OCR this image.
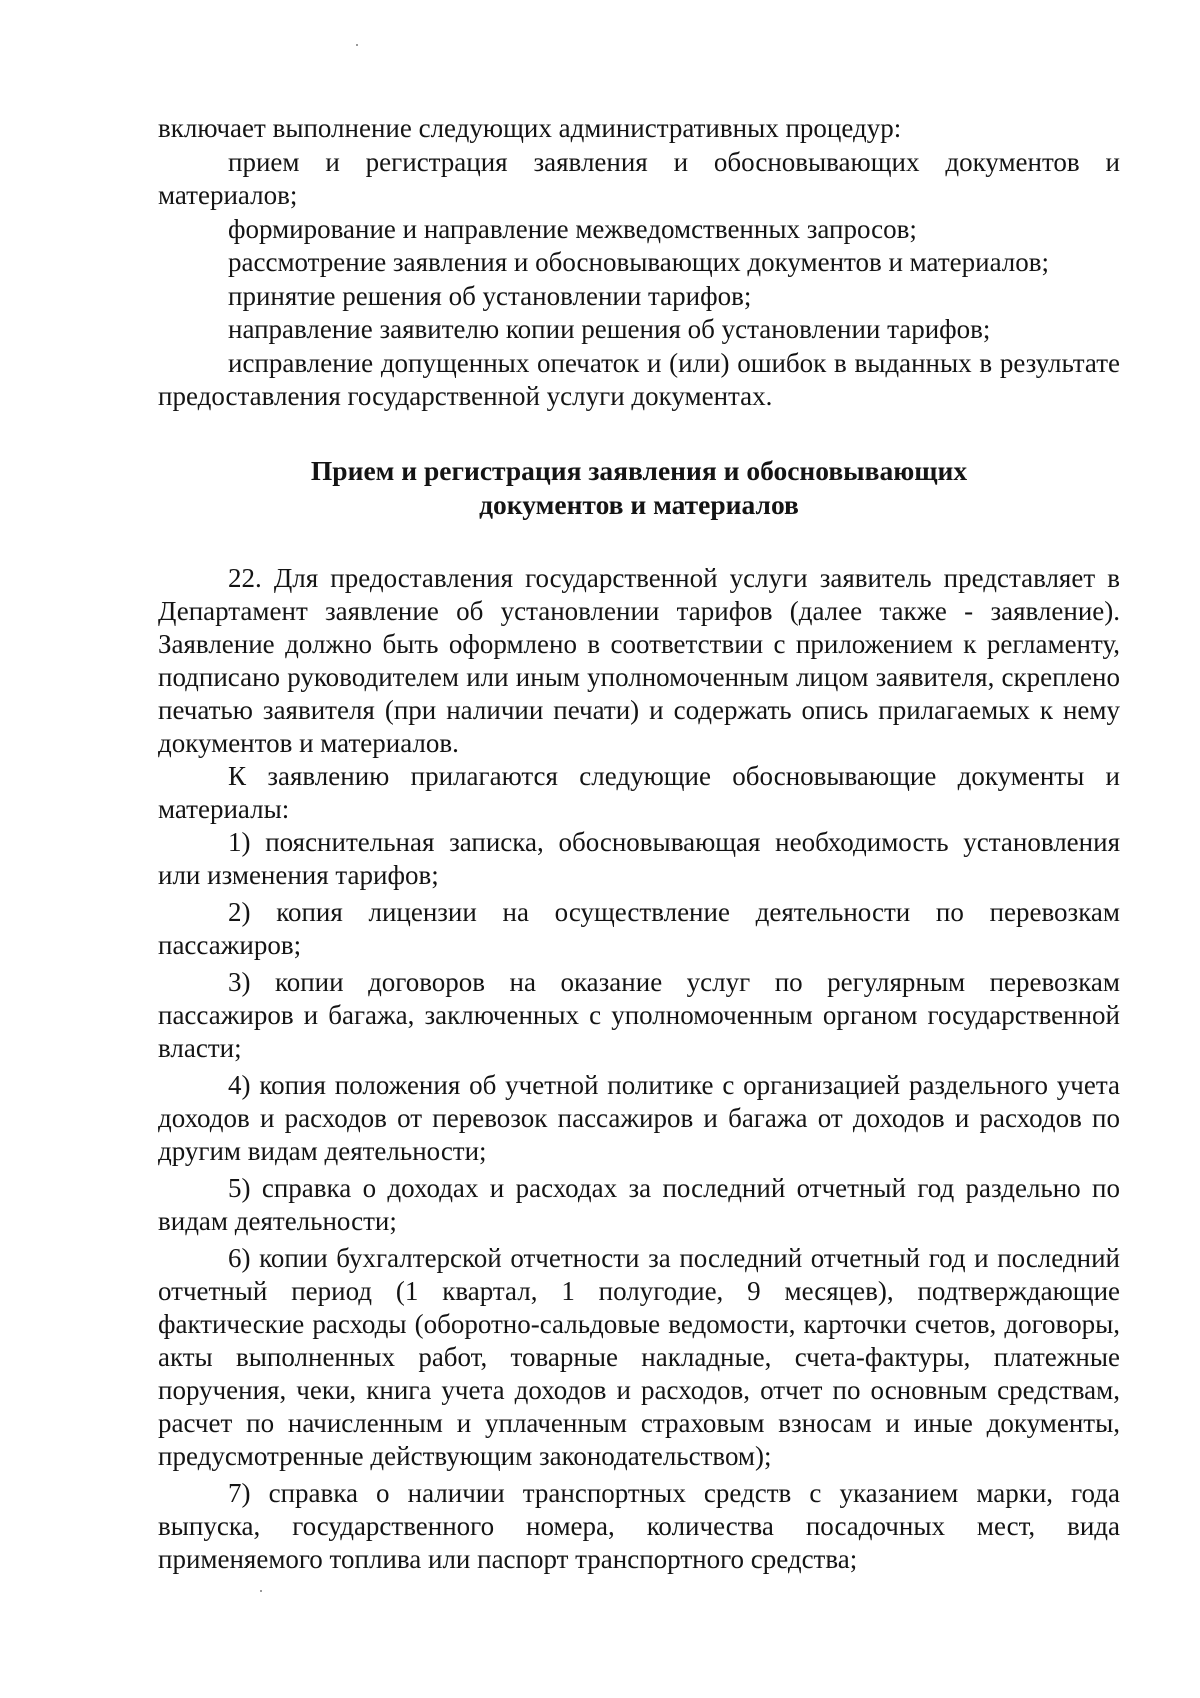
включает выполнение следующих административных процедур:

прием и регистрация заявления и обосновывающих документов и материалов;

формирование и направление межведомственных запросов;

рассмотрение заявления и обосновывающих документов и материалов;

принятие решения об установлении тарифов;

направление заявителю копии решения об установлении тарифов;

исправление допущенных опечаток и (или) ошибок в выданных в результате предоставления государственной услуги документах.

Прием и регистрация заявления и обосновывающих
документов и материалов

22. Для предоставления государственной услуги заявитель представляет в Департамент заявление об установлении тарифов (далее также - заявление). Заявление должно быть оформлено в соответствии с приложением к регламенту, подписано руководителем или иным уполномоченным лицом заявителя, скреплено печатью заявителя (при наличии печати) и содержать опись прилагаемых к нему документов и материалов.

К заявлению прилагаются следующие обосновывающие документы и материалы:

1) пояснительная записка, обосновывающая необходимость установления или изменения тарифов;

2) копия лицензии на осуществление деятельности по перевозкам пассажиров;

3) копии договоров на оказание услуг по регулярным перевозкам пассажиров и багажа, заключенных с уполномоченным органом государственной власти;

4) копия положения об учетной политике с организацией раздельного учета доходов и расходов от перевозок пассажиров и багажа от доходов и расходов по другим видам деятельности;

5) справка о доходах и расходах за последний отчетный год раздельно по видам деятельности;

6) копии бухгалтерской отчетности за последний отчетный год и последний отчетный период (1 квартал, 1 полугодие, 9 месяцев), подтверждающие фактические расходы (оборотно-сальдовые ведомости, карточки счетов, договоры, акты выполненных работ, товарные накладные, счета-фактуры, платежные поручения, чеки, книга учета доходов и расходов, отчет по основным средствам, расчет по начисленным и уплаченным страховым взносам и иные документы, предусмотренные действующим законодательством);

7) справка о наличии транспортных средств с указанием марки, года выпуска, государственного номера, количества посадочных мест, вида применяемого топлива или паспорт транспортного средства;
